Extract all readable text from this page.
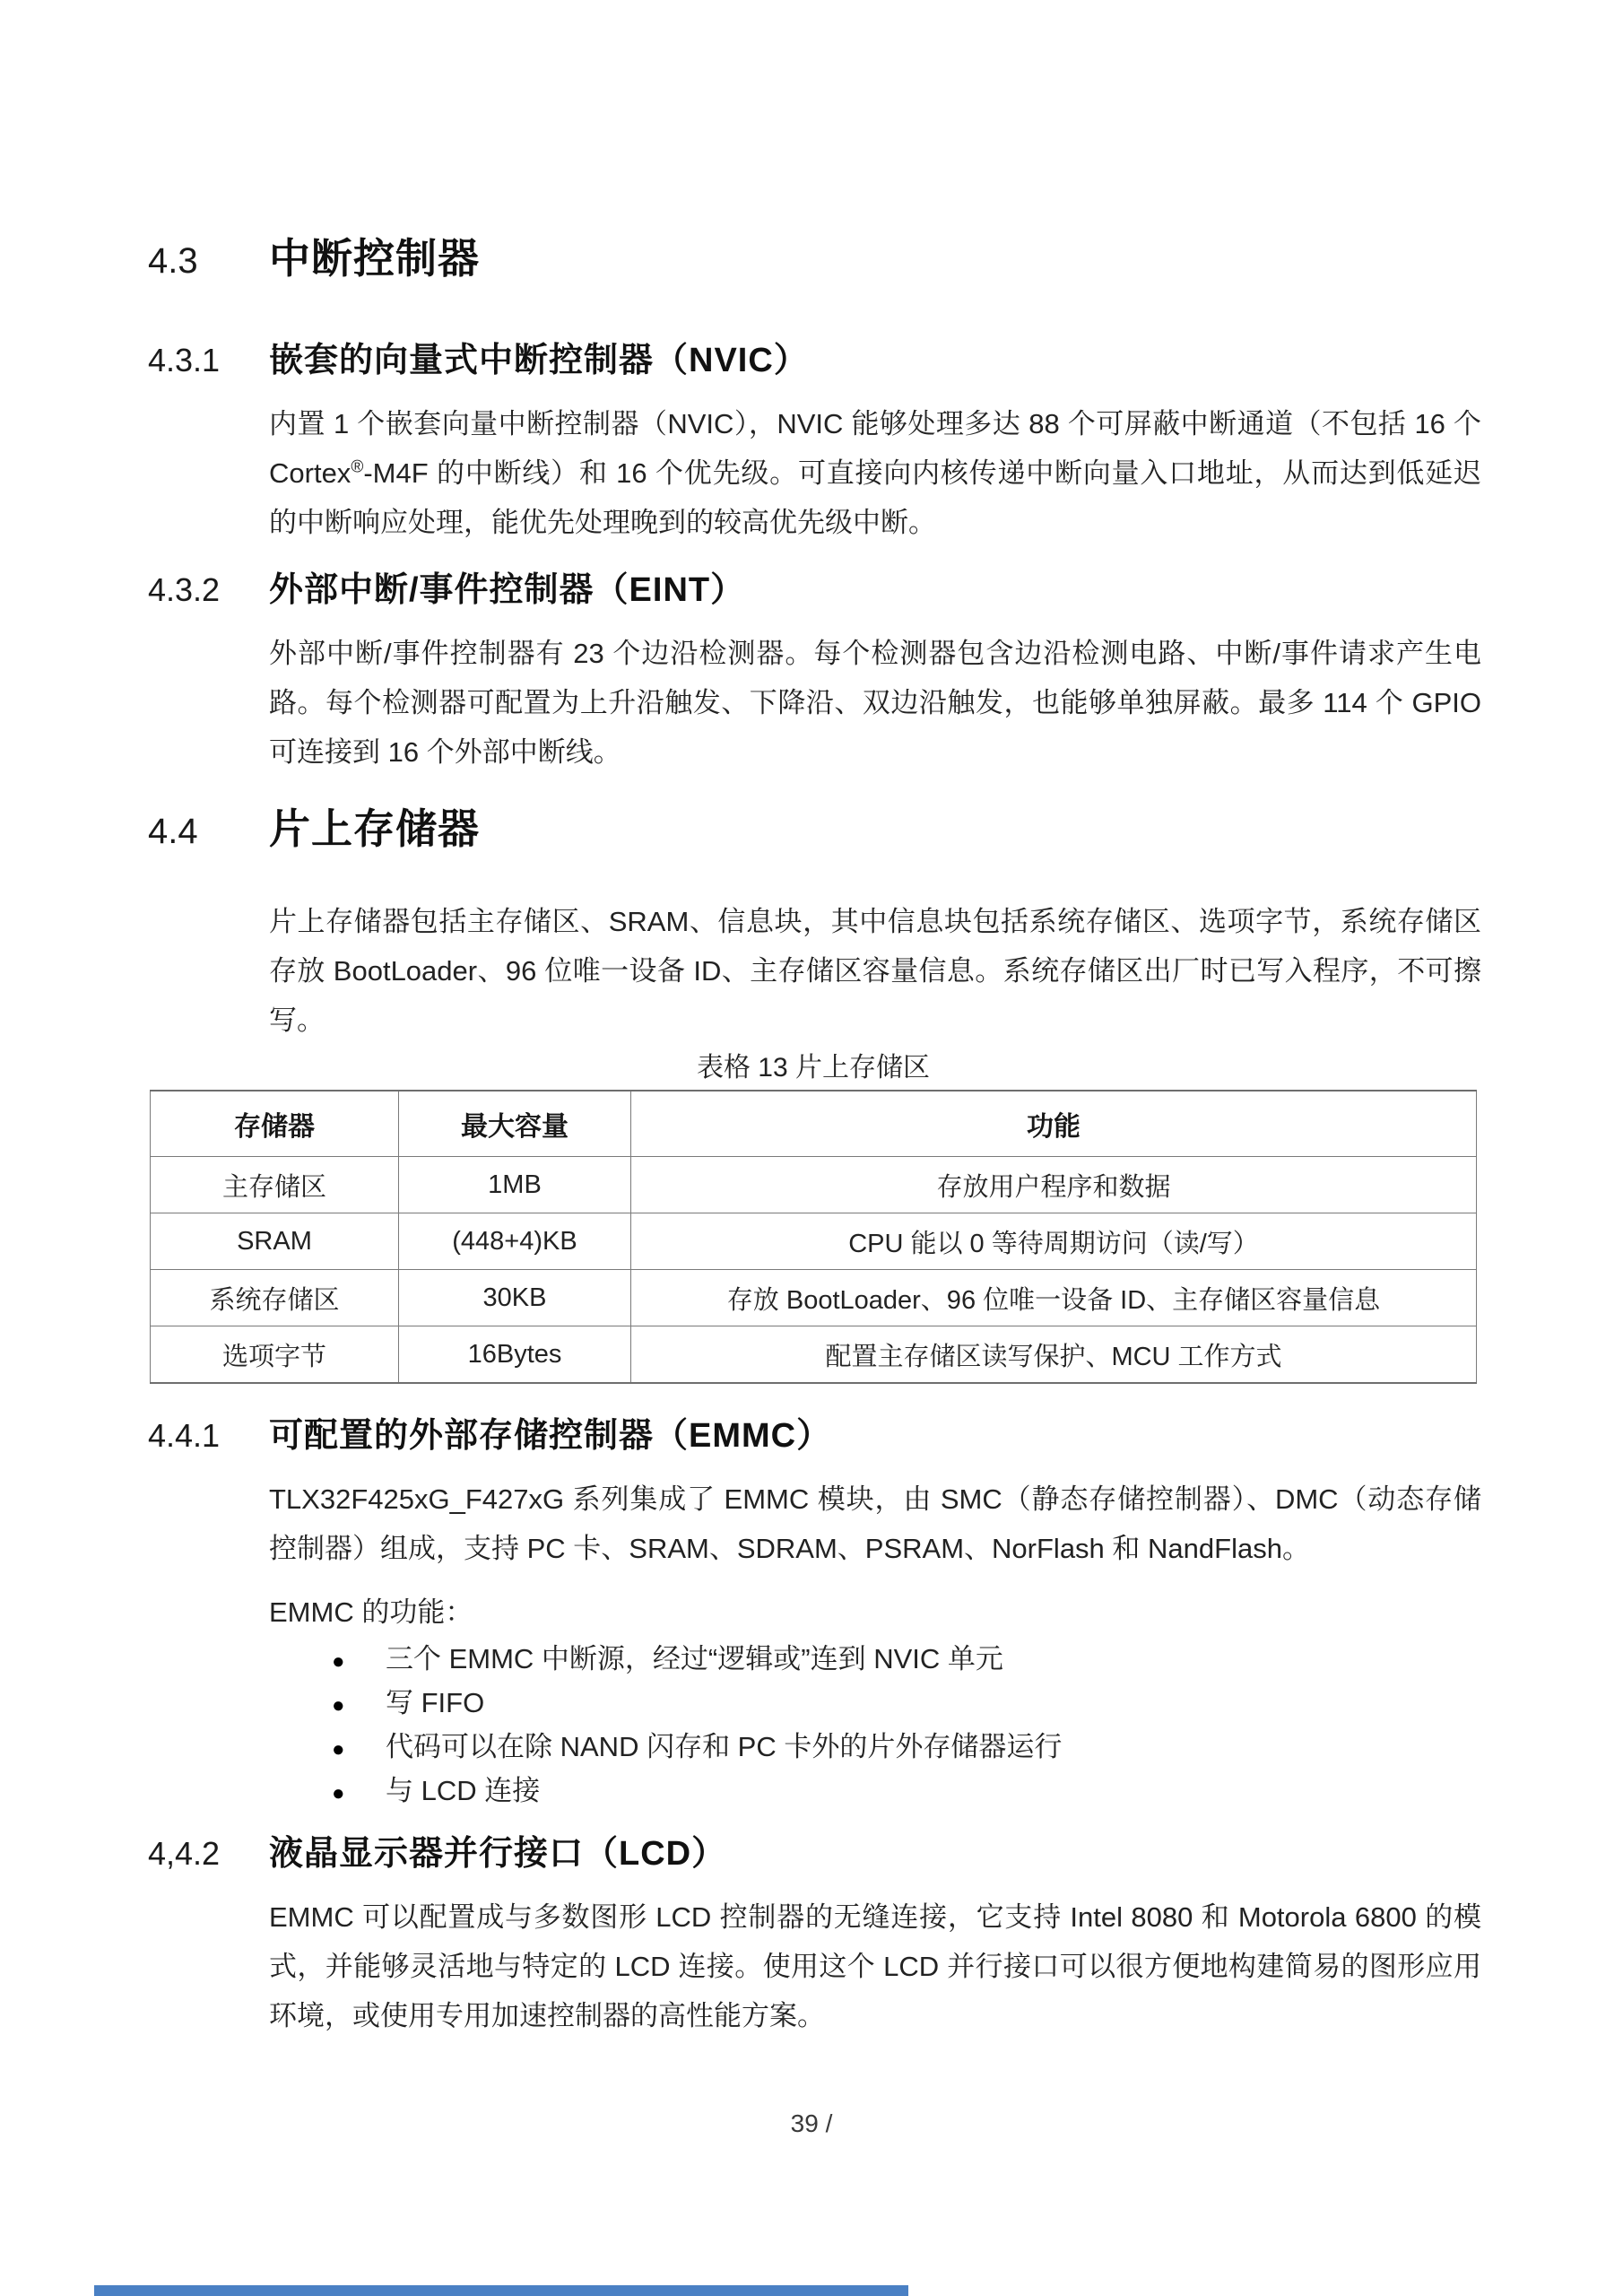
4.3	中断控制器
4.3.1	嵌套的向量式中断控制器（NVIC）

内置 1 个嵌套向量中断控制器（NVIC），NVIC 能够处理多达 88 个可屏蔽中断通道（不包括 16 个 Cortex®-M4F 的中断线）和 16 个优先级。可直接向内核传递中断向量入口地址，从而达到低延迟的中断响应处理，能优先处理晚到的较高优先级中断。

4.3.2	外部中断/事件控制器（EINT）

外部中断/事件控制器有 23 个边沿检测器。每个检测器包含边沿检测电路、中断/事件请求产生电路。每个检测器可配置为上升沿触发、下降沿、双边沿触发，也能够单独屏蔽。最多 114 个 GPIO 可连接到 16 个外部中断线。

4.4	片上存储器

片上存储器包括主存储区、SRAM、信息块，其中信息块包括系统存储区、选项字节，系统存储区存放 BootLoader、96 位唯一设备 ID、主存储区容量信息。系统存储区出厂时已写入程序，不可擦写。

表格 13 片上存储区
存储器	最大容量	功能
主存储区	1MB	存放用户程序和数据
SRAM	(448+4)KB	CPU 能以 0 等待周期访问（读/写）
系统存储区	30KB	存放 BootLoader、96 位唯一设备 ID、主存储区容量信息
选项字节	16Bytes	配置主存储区读写保护、MCU 工作方式
4.4.1	可配置的外部存储控制器（EMMC）

TLX32F425xG_F427xG 系列集成了 EMMC 模块，由 SMC（静态存储控制器）、DMC（动态存储控制器）组成，支持 PC 卡、SRAM、SDRAM、PSRAM、NorFlash 和 NandFlash。

EMMC 的功能：

●	三个 EMMC 中断源，经过“逻辑或”连到 NVIC 单元
●	写 FIFO
●	代码可以在除 NAND 闪存和 PC 卡外的片外存储器运行
●	与 LCD 连接
4,4.2	液晶显示器并行接口（LCD）

EMMC 可以配置成与多数图形 LCD 控制器的无缝连接，它支持 Intel 8080 和 Motorola 6800 的模式，并能够灵活地与特定的 LCD 连接。使用这个 LCD 并行接口可以很方便地构建简易的图形应用环境，或使用专用加速控制器的高性能方案。

39 /
